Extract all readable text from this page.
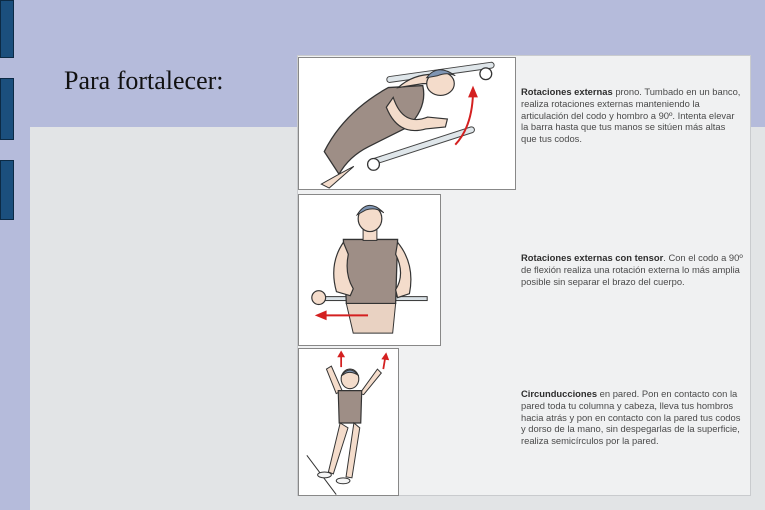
Para fortalecer:	Rotaciones externas prono. Tumbado en un banco, realiza rotaciones externas manteniendo la articulación del codo y hombro a 90º. Intenta elevar la barra hasta que tus manos se sitúen más altas que tus codos.

Rotaciones externas con tensor. Con el codo a 90º de flexión realiza una rotación externa lo más amplia posible sin separar el brazo del cuerpo.

Circunducciones en pared. Pon en contacto con la pared toda tu columna y cabeza, lleva tus hombros hacia atrás y pon en contacto con la pared tus codos y dorso de la mano, sin despegarlas de la superficie, realiza semicírculos por la pared.
